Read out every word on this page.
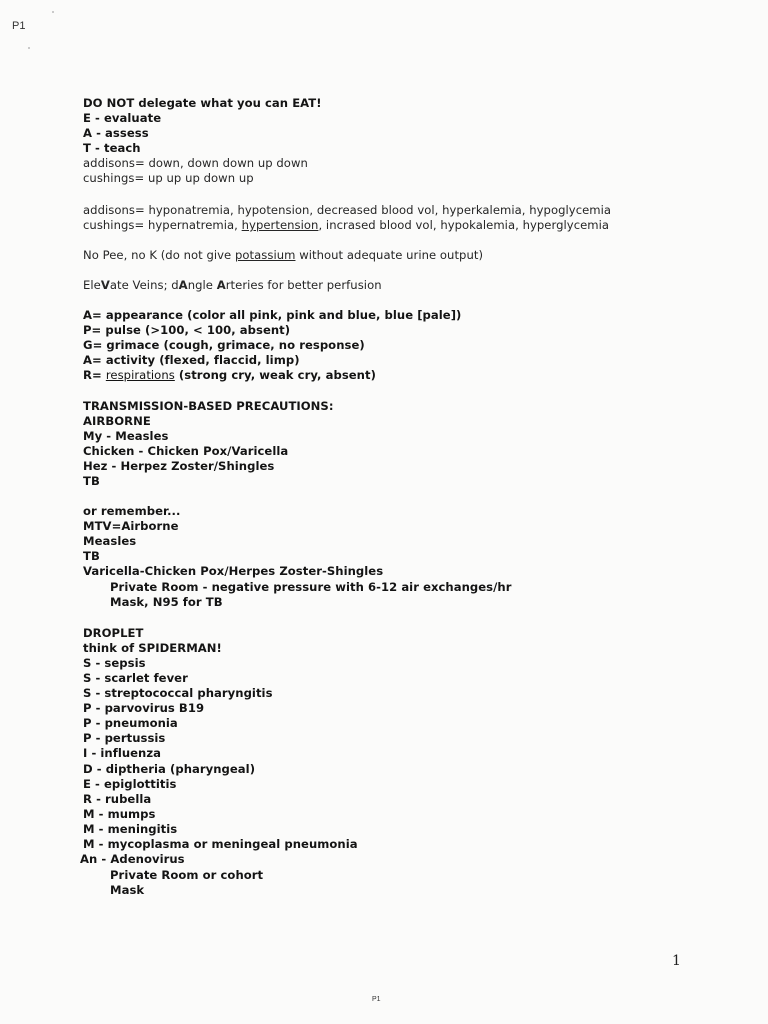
P1

DO NOT delegate what you can EAT!

E - evaluate

A - assess

T - teach

addisons= down, down down up down

cushings= up up up down up

addisons= hyponatremia, hypotension, decreased blood vol, hyperkalemia, hypoglycemia

cushings= hypernatremia, hypertension, incrased blood vol, hypokalemia, hyperglycemia

No Pee, no K (do not give potassium without adequate urine output)

EleVate Veins; dAngle Arteries for better perfusion

A= appearance (color all pink, pink and blue, blue [pale])

P= pulse (>100, < 100, absent)

G= grimace (cough, grimace, no response)

A= activity (flexed, flaccid, limp)

R= respirations (strong cry, weak cry, absent)

TRANSMISSION-BASED PRECAUTIONS:

AIRBORNE

My - Measles

Chicken - Chicken Pox/Varicella

Hez - Herpez Zoster/Shingles

TB

or remember...

MTV=Airborne

Measles

TB

Varicella-Chicken Pox/Herpes Zoster-Shingles

Private Room - negative pressure with 6-12 air exchanges/hr

Mask, N95 for TB

DROPLET

think of SPIDERMAN!

S - sepsis

S - scarlet fever

S - streptococcal pharyngitis

P - parvovirus B19

P - pneumonia

P - pertussis

I - influenza

D - diptheria (pharyngeal)

E - epiglottitis

R - rubella

M - mumps

M - meningitis

M - mycoplasma or meningeal pneumonia

An - Adenovirus

Private Room or cohort

Mask

1
P1
